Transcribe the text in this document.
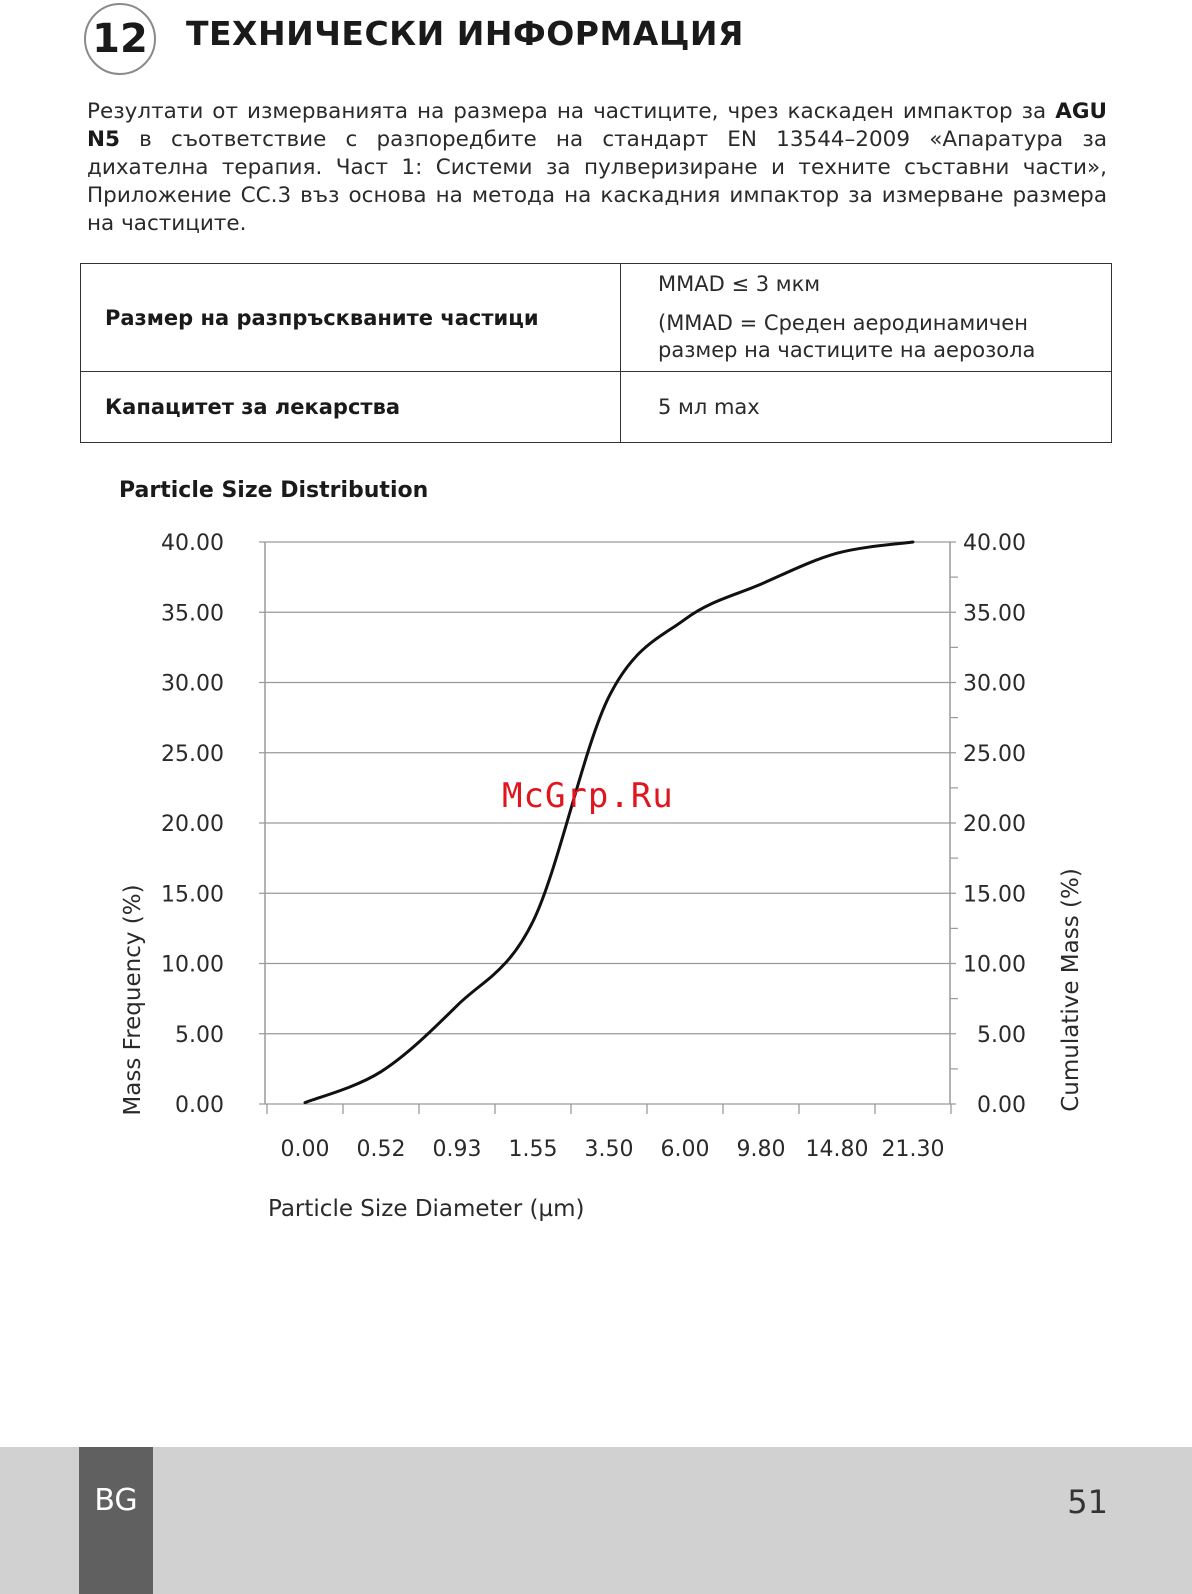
12 ТЕХНИЧЕСКИ ИНФОРМАЦИЯ
Резултати от измерванията на размера на частиците, чрез каскаден импактор за AGU N5 в съответствие с разпоредбите на стандарт EN 13544–2009 «Апаратура за дихателна терапия. Част 1: Системи за пулверизиране и техните съставни части», Приложение CC.3 въз основа на метода на каскадния импактор за измерване размера на частиците.
Размер на разпръскваните частици	MMAD ≤ 3 мкм

(MMAD = Среден аеродинамичен

размер на частиците на аерозола

Капацитет за лекарства	5 мл max

Particle Size Distribution
0.00	0.00
5.00	5.00
10.00	10.00
15.00	15.00
20.00	20.00
25.00	25.00
30.00	30.00
35.00	35.00
40.00	40.00
0.00 0.52 0.93 1.55 3.50 6.00 9.80 14.80 21.30
Particle Size Diameter (µm)
Mass Frequency (%)	Cumulative Mass (%)
McGrp.Ru
BG	51
